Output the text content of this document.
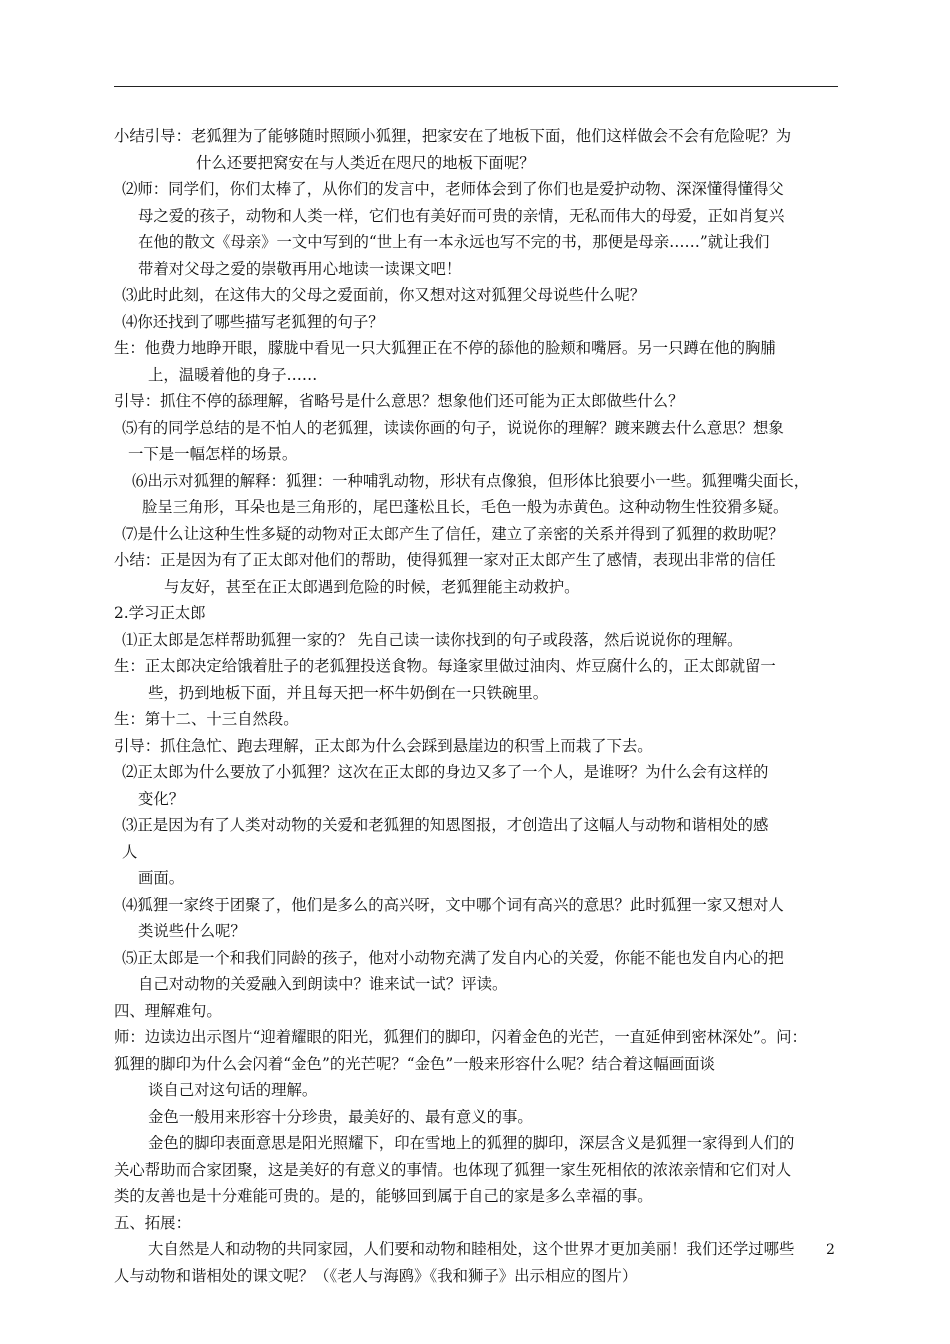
小结引导：老狐狸为了能够随时照顾小狐狸，把家安在了地板下面，他们这样做会不会有危险呢？为
什么还要把窝安在与人类近在咫尺的地板下面呢？
⑵师：同学们，你们太棒了，从你们的发言中，老师体会到了你们也是爱护动物、深深懂得懂得父
母之爱的孩子，动物和人类一样，它们也有美好而可贵的亲情，无私而伟大的母爱，正如肖复兴
在他的散文《母亲》一文中写到的“世上有一本永远也写不完的书，那便是母亲……”就让我们
带着对父母之爱的崇敬再用心地读一读课文吧！
⑶此时此刻，在这伟大的父母之爱面前，你又想对这对狐狸父母说些什么呢？
⑷你还找到了哪些描写老狐狸的句子？
生：他费力地睁开眼，朦胧中看见一只大狐狸正在不停的舔他的脸颊和嘴唇。另一只蹲在他的胸脯
上，温暖着他的身子……
引导：抓住不停的舔理解，省略号是什么意思？想象他们还可能为正太郎做些什么？
⑸有的同学总结的是不怕人的老狐狸，读读你画的句子，说说你的理解？踱来踱去什么意思？想象
一下是一幅怎样的场景。
⑹出示对狐狸的解释：狐狸：一种哺乳动物，形状有点像狼，但形体比狼要小一些。狐狸嘴尖面长，
脸呈三角形，耳朵也是三角形的，尾巴蓬松且长，毛色一般为赤黄色。这种动物生性狡猾多疑。
⑺是什么让这种生性多疑的动物对正太郎产生了信任，建立了亲密的关系并得到了狐狸的救助呢？
小结：正是因为有了正太郎对他们的帮助，使得狐狸一家对正太郎产生了感情，表现出非常的信任
与友好，甚至在正太郎遇到危险的时候，老狐狸能主动救护。
2.学习正太郎
⑴正太郎是怎样帮助狐狸一家的？ 先自己读一读你找到的句子或段落，然后说说你的理解。
生：正太郎决定给饿着肚子的老狐狸投送食物。每逢家里做过油肉、炸豆腐什么的，正太郎就留一
些，扔到地板下面，并且每天把一杯牛奶倒在一只铁碗里。
生：第十二、十三自然段。
引导：抓住急忙、跑去理解，正太郎为什么会踩到悬崖边的积雪上而栽了下去。
⑵正太郎为什么要放了小狐狸？这次在正太郎的身边又多了一个人，是谁呀？为什么会有这样的
变化？
⑶正是因为有了人类对动物的关爱和老狐狸的知恩图报，才创造出了这幅人与动物和谐相处的感
人
画面。
⑷狐狸一家终于团聚了，他们是多么的高兴呀，文中哪个词有高兴的意思？此时狐狸一家又想对人
类说些什么呢？
⑸正太郎是一个和我们同龄的孩子，他对小动物充满了发自内心的关爱，你能不能也发自内心的把
自己对动物的关爱融入到朗读中？谁来试一试？评读。
四、理解难句。
师：边读边出示图片“迎着耀眼的阳光，狐狸们的脚印，闪着金色的光芒，一直延伸到密林深处”。问：
狐狸的脚印为什么会闪着“金色”的光芒呢？“金色”一般来形容什么呢？结合着这幅画面谈
谈自己对这句话的理解。
金色一般用来形容十分珍贵，最美好的、最有意义的事。
金色的脚印表面意思是阳光照耀下，印在雪地上的狐狸的脚印，深层含义是狐狸一家得到人们的
关心帮助而合家团聚，这是美好的有意义的事情。也体现了狐狸一家生死相依的浓浓亲情和它们对人
类的友善也是十分难能可贵的。是的，能够回到属于自己的家是多么幸福的事。
五、拓展：
大自然是人和动物的共同家园，人们要和动物和睦相处，这个世界才更加美丽！我们还学过哪些
人与动物和谐相处的课文呢？（《老人与海鸥》《我和狮子》出示相应的图片）
2
